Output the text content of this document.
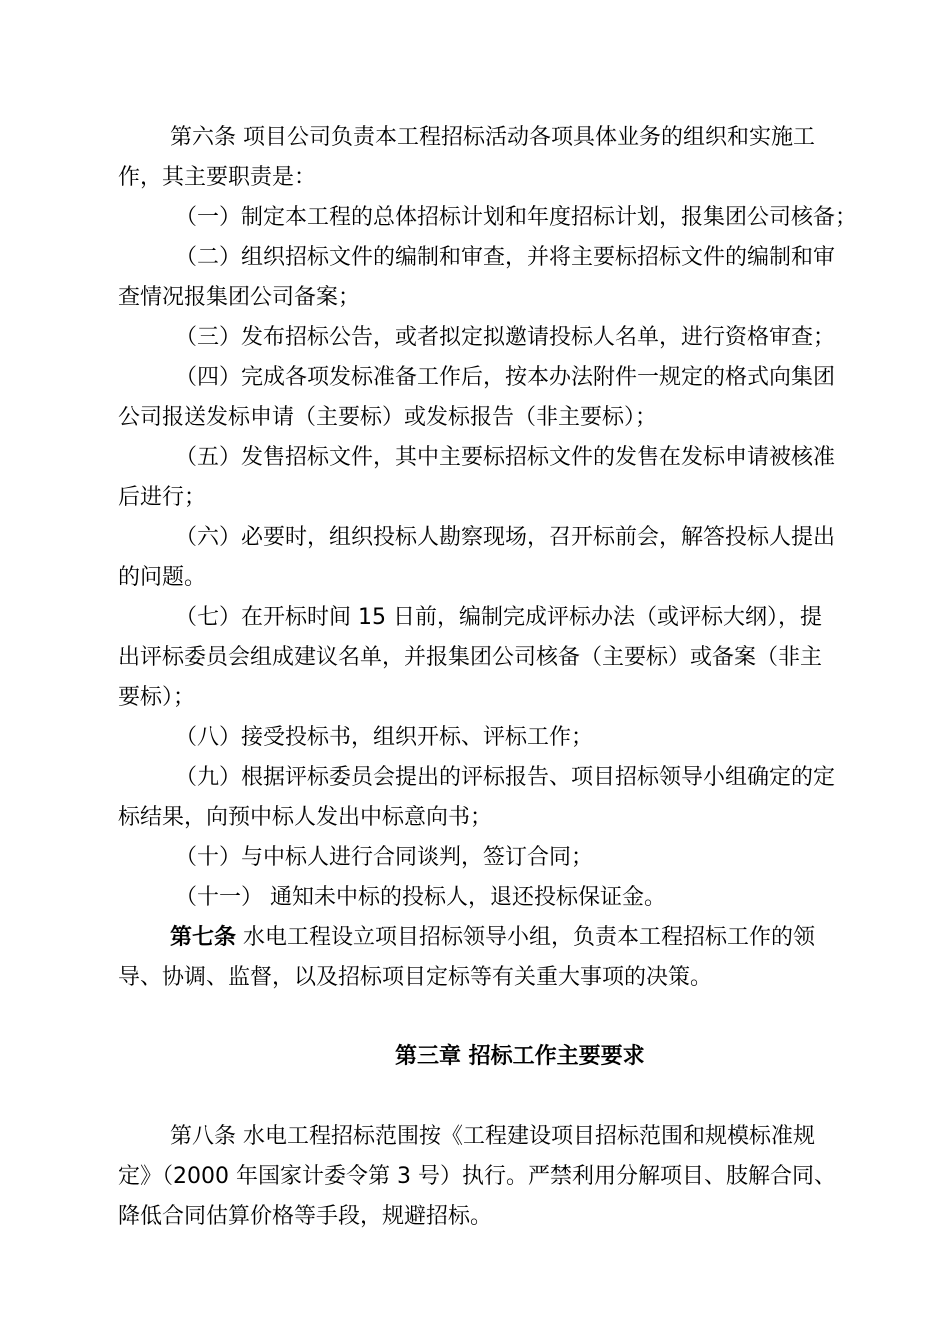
第六条 项目公司负责本工程招标活动各项具体业务的组织和实施工
作，其主要职责是：
（一）制定本工程的总体招标计划和年度招标计划，报集团公司核备；
（二）组织招标文件的编制和审查，并将主要标招标文件的编制和审
查情况报集团公司备案；
（三）发布招标公告，或者拟定拟邀请投标人名单，进行资格审查；
（四）完成各项发标准备工作后，按本办法附件一规定的格式向集团
公司报送发标申请（主要标）或发标报告（非主要标）；
（五）发售招标文件，其中主要标招标文件的发售在发标申请被核准
后进行；
（六）必要时，组织投标人勘察现场，召开标前会，解答投标人提出
的问题。
（七）在开标时间 15 日前，编制完成评标办法（或评标大纲），提
出评标委员会组成建议名单，并报集团公司核备（主要标）或备案（非主
要标）；
（八）接受投标书，组织开标、评标工作；
（九）根据评标委员会提出的评标报告、项目招标领导小组确定的定
标结果，向预中标人发出中标意向书；
（十）与中标人进行合同谈判，签订合同；
（十一） 通知未中标的投标人，退还投标保证金。
第七条 水电工程设立项目招标领导小组，负责本工程招标工作的领
导、协调、监督，以及招标项目定标等有关重大事项的决策。
第三章 招标工作主要要求
第八条 水电工程招标范围按《工程建设项目招标范围和规模标准规
定》（2000 年国家计委令第 3 号）执行。严禁利用分解项目、肢解合同、
降低合同估算价格等手段，规避招标。
